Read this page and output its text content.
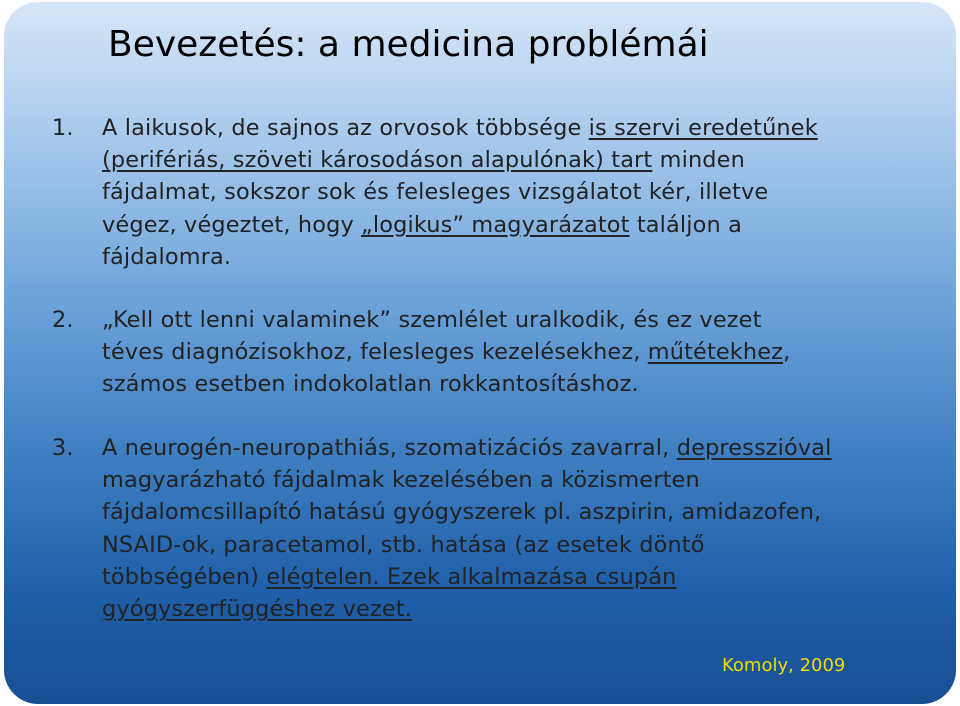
Bevezetés: a medicina problémái
1. A laikusok, de sajnos az orvosok többsége is szervi eredetűnek
(perifériás, szöveti károsodáson alapulónak) tart minden
fájdalmat, sokszor sok és felesleges vizsgálatot kér, illetve
végez, végeztet, hogy „logikus” magyarázatot találjon a
fájdalomra.
2. „Kell ott lenni valaminek” szemlélet uralkodik, és ez vezet
téves diagnózisokhoz, felesleges kezelésekhez, műtétekhez,
számos esetben indokolatlan rokkantosításhoz.
3. A neurogén-neuropathiás, szomatizációs zavarral, depresszióval
magyarázható fájdalmak kezelésében a közismerten
fájdalomcsillapító hatású gyógyszerek pl. aszpirin, amidazofen,
NSAID-ok, paracetamol, stb. hatása (az esetek döntő
többségében) elégtelen. Ezek alkalmazása csupán
gyógyszerfüggéshez vezet.
Komoly, 2009
